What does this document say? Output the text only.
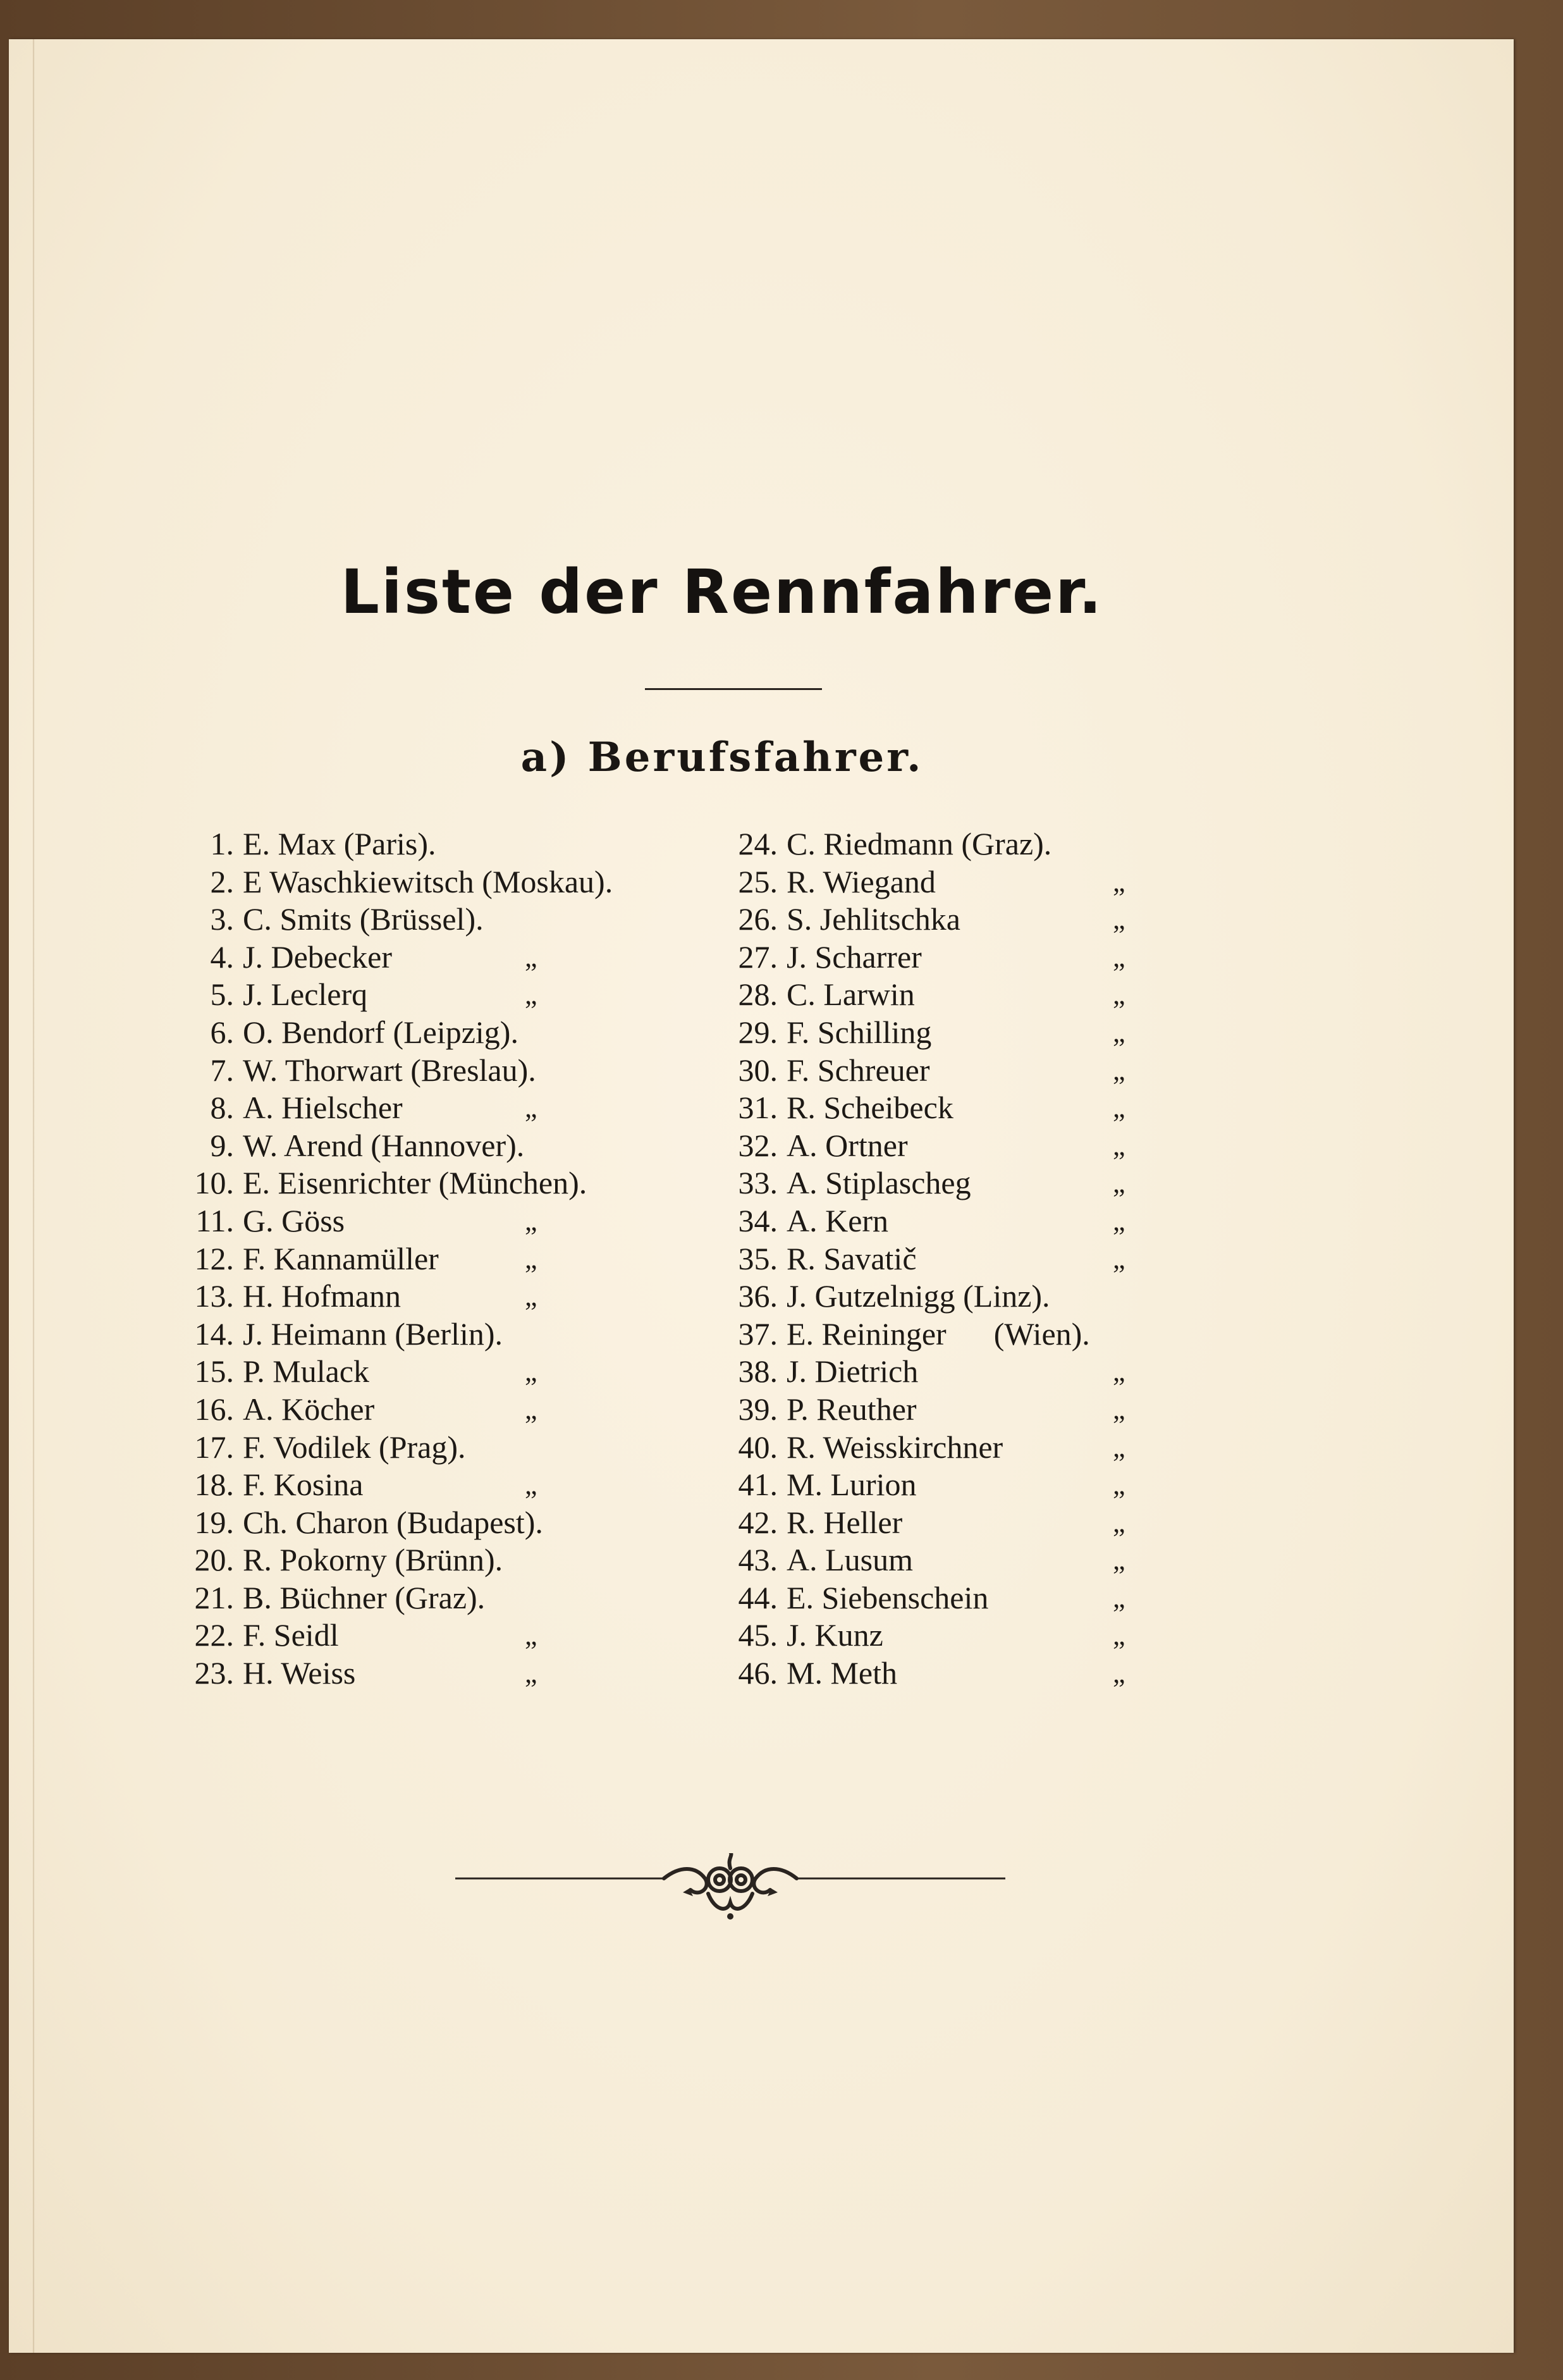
Liste der Rennfahrer.
a) Berufsfahrer.
1. E. Max (Paris).
2. E Waschkiewitsch (Moskau).
3. C. Smits (Brüssel).
4. J. Debecker	„
5. J. Leclerq	„
6. O. Bendorf (Leipzig).
7. W. Thorwart (Breslau).
8. A. Hielscher	„
9. W. Arend (Hannover).
10. E. Eisenrichter (München).
11. G. Göss	„
12. F. Kannamüller	„
13. H. Hofmann	„
14. J. Heimann (Berlin).
15. P. Mulack	„
16. A. Köcher	„
17. F. Vodilek (Prag).
18. F. Kosina	„
19. Ch. Charon (Budapest).
20. R. Pokorny (Brünn).
21. B. Büchner (Graz).
22. F. Seidl	„
23. H. Weiss	„
24. C. Riedmann (Graz).
25. R. Wiegand	„
26. S. Jehlitschka	„
27. J. Scharrer	„
28. C. Larwin	„
29. F. Schilling	„
30. F. Schreuer	„
31. R. Scheibeck	„
32. A. Ortner	„
33. A. Stiplascheg	„
34. A. Kern	„
35. R. Savatič	„
36. J. Gutzelnigg (Linz).
37. E. Reininger      (Wien).
38. J. Dietrich	„
39. P. Reuther	„
40. R. Weisskirchner	„
41. M. Lurion	„
42. R. Heller	„
43. A. Lusum	„
44. E. Siebenschein	„
45. J. Kunz	„
46. M. Meth	„
